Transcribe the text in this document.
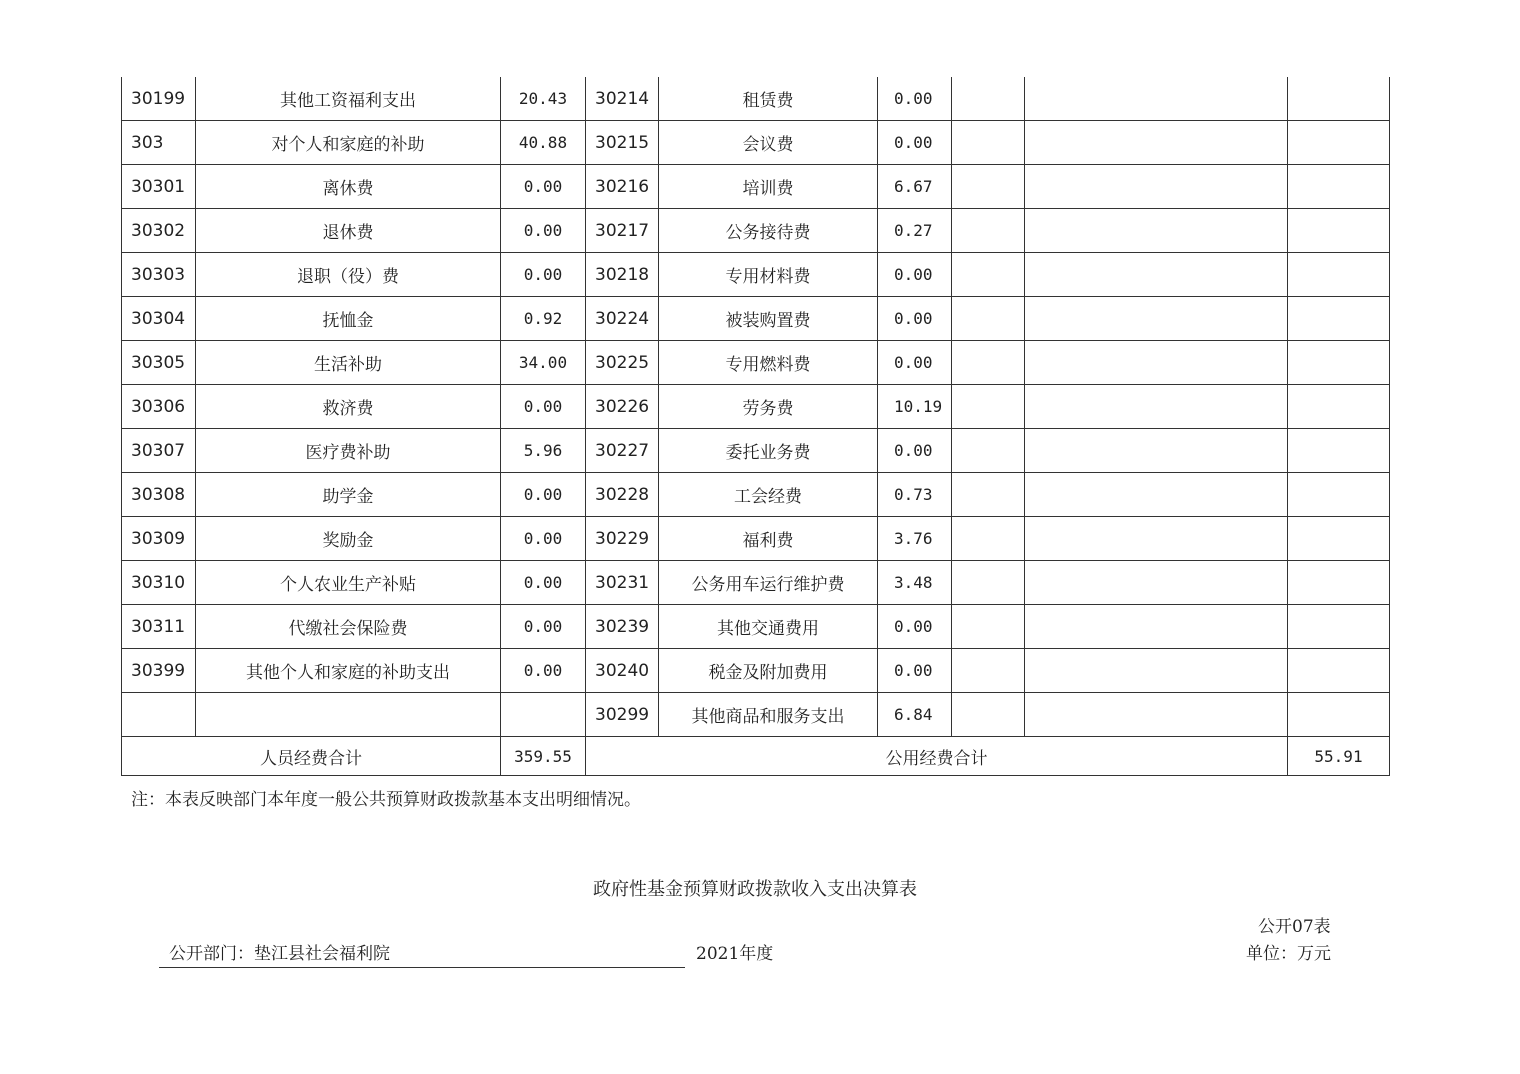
30199	其他工资福利支出	20.43	30214	租赁费	0.00			
303	对个人和家庭的补助	40.88	30215	会议费	0.00			
30301	离休费	0.00	30216	培训费	6.67			
30302	退休费	0.00	30217	公务接待费	0.27			
30303	退职（役）费	0.00	30218	专用材料费	0.00			
30304	抚恤金	0.92	30224	被装购置费	0.00			
30305	生活补助	34.00	30225	专用燃料费	0.00			
30306	救济费	0.00	30226	劳务费	10.19			
30307	医疗费补助	5.96	30227	委托业务费	0.00			
30308	助学金	0.00	30228	工会经费	0.73			
30309	奖励金	0.00	30229	福利费	3.76			
30310	个人农业生产补贴	0.00	30231	公务用车运行维护费	3.48			
30311	代缴社会保险费	0.00	30239	其他交通费用	0.00			
30399	其他个人和家庭的补助支出	0.00	30240	税金及附加费用	0.00			
			30299	其他商品和服务支出	6.84			
人员经费合计		359.55	公用经费合计					55.91
注：本表反映部门本年度一般公共预算财政拨款基本支出明细情况。
政府性基金预算财政拨款收入支出决算表
公开07表
公开部门：垫江县社会福利院	2021年度	单位：万元
